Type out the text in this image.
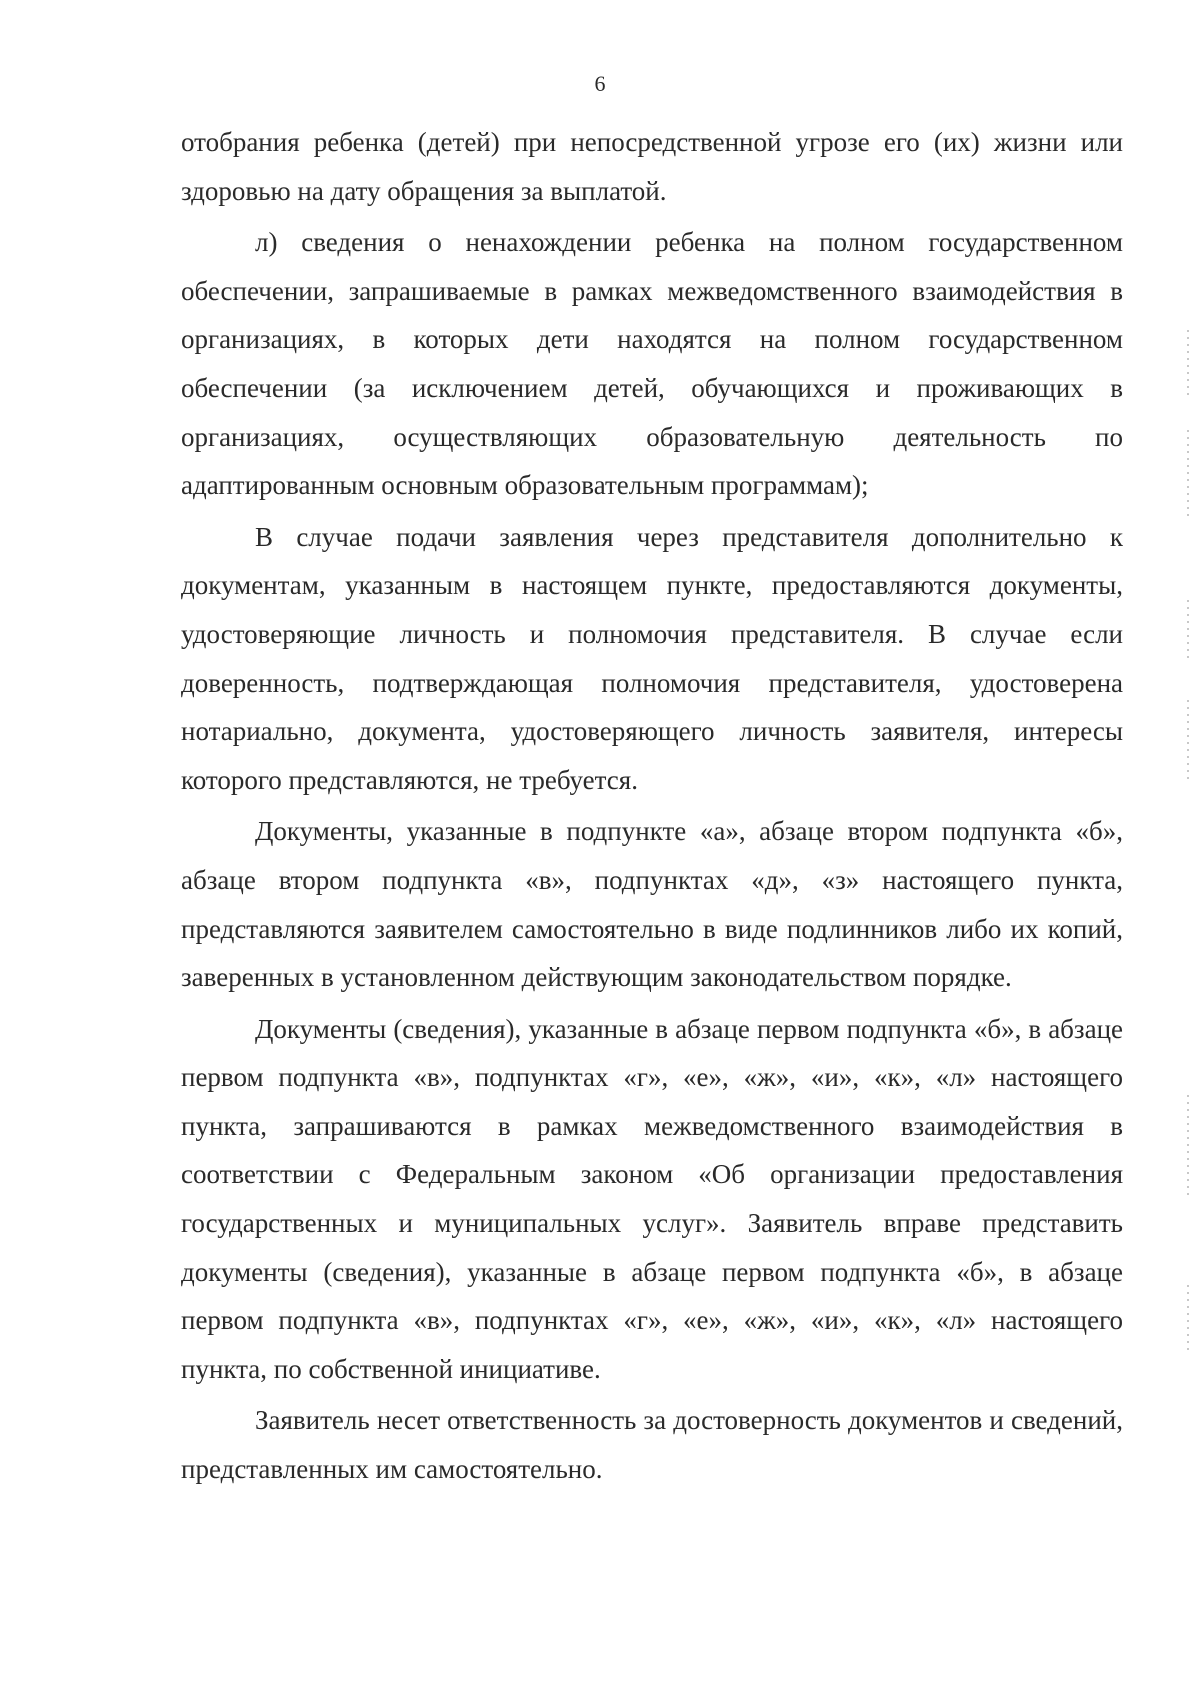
6

отобрания ребенка (детей) при непосредственной угрозе его (их) жизни или здоровью на дату обращения за выплатой.

л) сведения о ненахождении ребенка на полном государственном обеспечении, запрашиваемые в рамках межведомственного взаимодействия в организациях, в которых дети находятся на полном государственном обеспечении (за исключением детей, обучающихся и проживающих в организациях, осуществляющих образовательную деятельность по адаптированным основным образовательным программам);

В случае подачи заявления через представителя дополнительно к документам, указанным в настоящем пункте, предоставляются документы, удостоверяющие личность и полномочия представителя. В случае если доверенность, подтверждающая полномочия представителя, удостоверена нотариально, документа, удостоверяющего личность заявителя, интересы которого представляются, не требуется.

Документы, указанные в подпункте «а», абзаце втором подпункта «б», абзаце втором подпункта «в», подпунктах «д», «з» настоящего пункта, представляются заявителем самостоятельно в виде подлинников либо их копий, заверенных в установленном действующим законодательством порядке.

Документы (сведения), указанные в абзаце первом подпункта «б», в абзаце первом подпункта «в», подпунктах «г», «е», «ж», «и», «к», «л» настоящего пункта, запрашиваются в рамках межведомственного взаимодействия в соответствии с Федеральным законом «Об организации предоставления государственных и муниципальных услуг». Заявитель вправе представить документы (сведения), указанные в абзаце первом подпункта «б», в абзаце первом подпункта «в», подпунктах «г», «е», «ж», «и», «к», «л» настоящего пункта, по собственной инициативе.

Заявитель несет ответственность за достоверность документов и сведений, представленных им самостоятельно.
